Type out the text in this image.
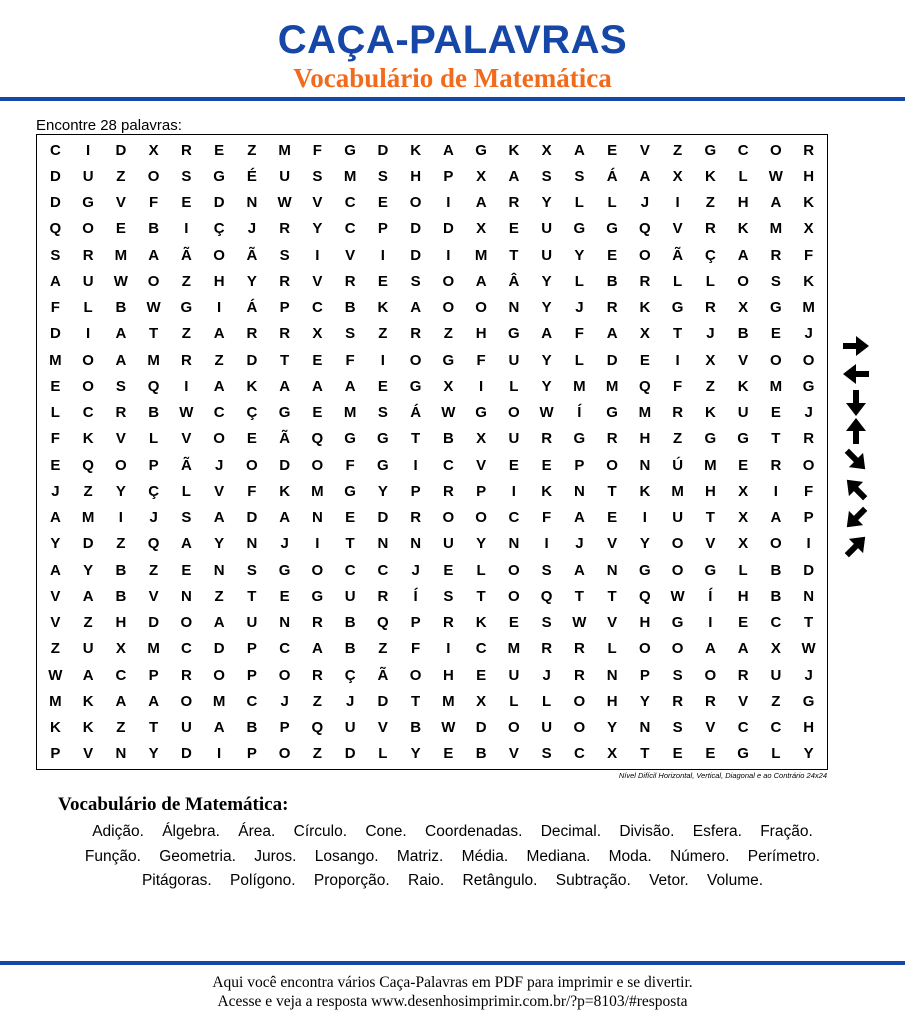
CAÇA-PALAVRAS
Vocabulário de Matemática
Encontre 28 palavras:
C	I	D	X	R	E	Z	M	F	G	D	K	A	G	K	X	A	E	V	Z	G	C	O	R
D	U	Z	O	S	G	É	U	S	M	S	H	P	X	A	S	S	Á	A	X	K	L	W	H
D	G	V	F	E	D	N	W	V	C	E	O	I	A	R	Y	L	L	J	I	Z	H	A	K
Q	O	E	B	I	Ç	J	R	Y	C	P	D	D	X	E	U	G	G	Q	V	R	K	M	X
S	R	M	A	Ã	O	Ã	S	I	V	I	D	I	M	T	U	Y	E	O	Ã	Ç	A	R	F
A	U	W	O	Z	H	Y	R	V	R	E	S	O	A	Â	Y	L	B	R	L	L	O	S	K
F	L	B	W	G	I	Á	P	C	B	K	A	O	O	N	Y	J	R	K	G	R	X	G	M
D	I	A	T	Z	A	R	R	X	S	Z	R	Z	H	G	A	F	A	X	T	J	B	E	J
M	O	A	M	R	Z	D	T	E	F	I	O	G	F	U	Y	L	D	E	I	X	V	O	O
E	O	S	Q	I	A	K	A	A	A	E	G	X	I	L	Y	M	M	Q	F	Z	K	M	G
L	C	R	B	W	C	Ç	G	E	M	S	Á	W	G	O	W	Í	G	M	R	K	U	E	J
F	K	V	L	V	O	E	Ã	Q	G	G	T	B	X	U	R	G	R	H	Z	G	G	T	R
E	Q	O	P	Ã	J	O	D	O	F	G	I	C	V	E	E	P	O	N	Ú	M	E	R	O
J	Z	Y	Ç	L	V	F	K	M	G	Y	P	R	P	I	K	N	T	K	M	H	X	I	F
A	M	I	J	S	A	D	A	N	E	D	R	O	O	C	F	A	E	I	U	T	X	A	P
Y	D	Z	Q	A	Y	N	J	I	T	N	N	U	Y	N	I	J	V	Y	O	V	X	O	I
A	Y	B	Z	E	N	S	G	O	C	C	J	E	L	O	S	A	N	G	O	G	L	B	D
V	A	B	V	N	Z	T	E	G	U	R	Í	S	T	O	Q	T	T	Q	W	Í	H	B	N
V	Z	H	D	O	A	U	N	R	B	Q	P	R	K	E	S	W	V	H	G	I	E	C	T
Z	U	X	M	C	D	P	C	A	B	Z	F	I	C	M	R	R	L	O	O	A	A	X	W
W	A	C	P	R	O	P	O	R	Ç	Ã	O	H	E	U	J	R	N	P	S	O	R	U	J
M	K	A	A	O	M	C	J	Z	J	D	T	M	X	L	L	O	H	Y	R	R	V	Z	G
K	K	Z	T	U	A	B	P	Q	U	V	B	W	D	O	U	O	Y	N	S	V	C	C	H
P	V	N	Y	D	I	P	O	Z	D	L	Y	E	B	V	S	C	X	T	E	E	G	L	Y
Nível Difícil Horizontal, Vertical, Diagonal e ao Contrário 24x24
Vocabulário de Matemática:
Adição. Álgebra. Área. Círculo. Cone. Coordenadas. Decimal. Divisão. Esfera. Fração. Função. Geometria. Juros. Losango. Matriz. Média. Mediana. Moda. Número. Perímetro. Pitágoras. Polígono. Proporção. Raio. Retângulo. Subtração. Vetor. Volume.
Aqui você encontra vários Caça-Palavras em PDF para imprimir e se divertir.
Acesse e veja a resposta www.desenhosimprimir.com.br/?p=8103/#resposta
